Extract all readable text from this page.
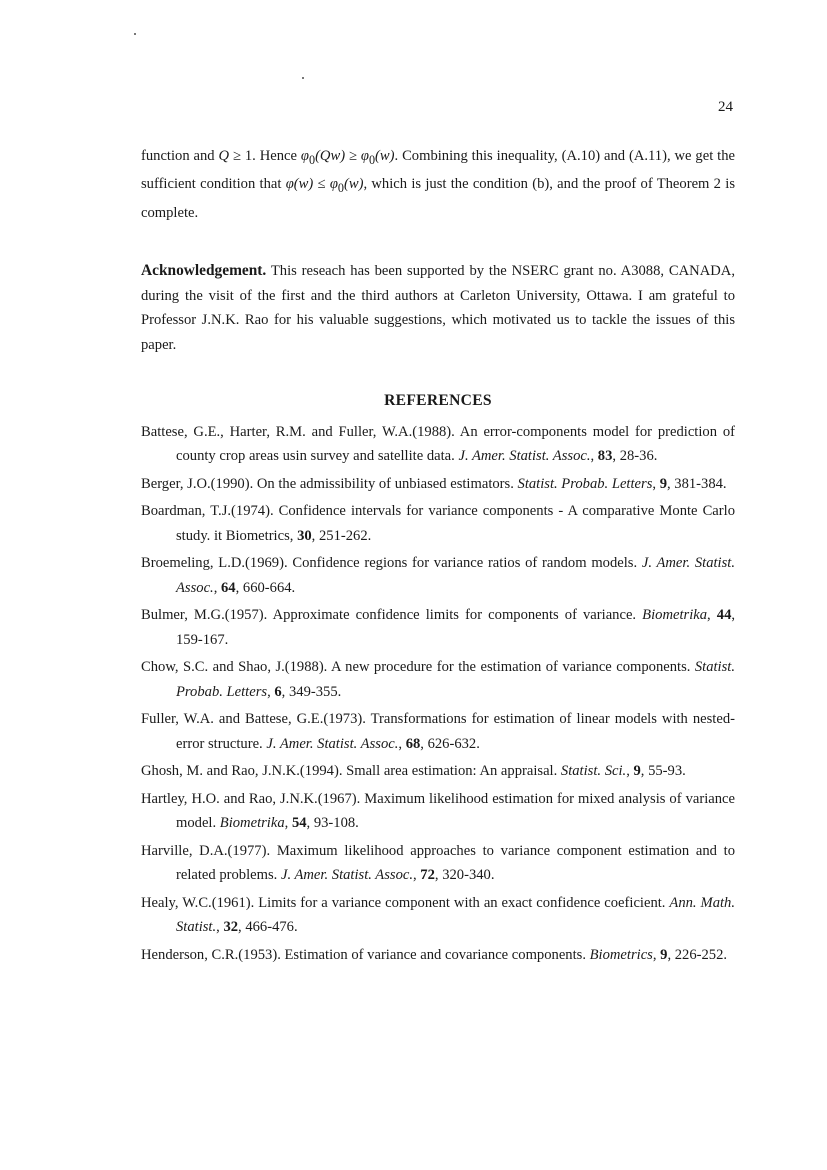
24

function and Q ≥ 1. Hence $\varphi_0(Qw) \ge \varphi_0(w)$. Combining this inequality, (A.10) and (A.11), we get the sufficient condition that $\varphi(w) \le \varphi_0(w)$, which is just the condition (b), and the proof of Theorem 2 is complete.

Acknowledgement. This reseach has been supported by the NSERC grant no. A3088, CANADA, during the visit of the first and the third authors at Carleton University, Ottawa. I am grateful to Professor J.N.K. Rao for his valuable suggestions, which motivated us to tackle the issues of this paper.

REFERENCES
Battese, G.E., Harter, R.M. and Fuller, W.A.(1988). An error-components model for prediction of county crop areas usin survey and satellite data. J. Amer. Statist. Assoc., 83, 28-36.
Berger, J.O.(1990). On the admissibility of unbiased estimators. Statist. Probab. Letters, 9, 381-384.
Boardman, T.J.(1974). Confidence intervals for variance components - A comparative Monte Carlo study. it Biometrics, 30, 251-262.
Broemeling, L.D.(1969). Confidence regions for variance ratios of random models. J. Amer. Statist. Assoc., 64, 660-664.
Bulmer, M.G.(1957). Approximate confidence limits for components of variance. Biometrika, 44, 159-167.
Chow, S.C. and Shao, J.(1988). A new procedure for the estimation of variance components. Statist. Probab. Letters, 6, 349-355.
Fuller, W.A. and Battese, G.E.(1973). Transformations for estimation of linear models with nested-error structure. J. Amer. Statist. Assoc., 68, 626-632.
Ghosh, M. and Rao, J.N.K.(1994). Small area estimation: An appraisal. Statist. Sci., 9, 55-93.
Hartley, H.O. and Rao, J.N.K.(1967). Maximum likelihood estimation for mixed analysis of variance model. Biometrika, 54, 93-108.
Harville, D.A.(1977). Maximum likelihood approaches to variance component estimation and to related problems. J. Amer. Statist. Assoc., 72, 320-340.
Healy, W.C.(1961). Limits for a variance component with an exact confidence coeficient. Ann. Math. Statist., 32, 466-476.
Henderson, C.R.(1953). Estimation of variance and covariance components. Biometrics, 9, 226-252.
